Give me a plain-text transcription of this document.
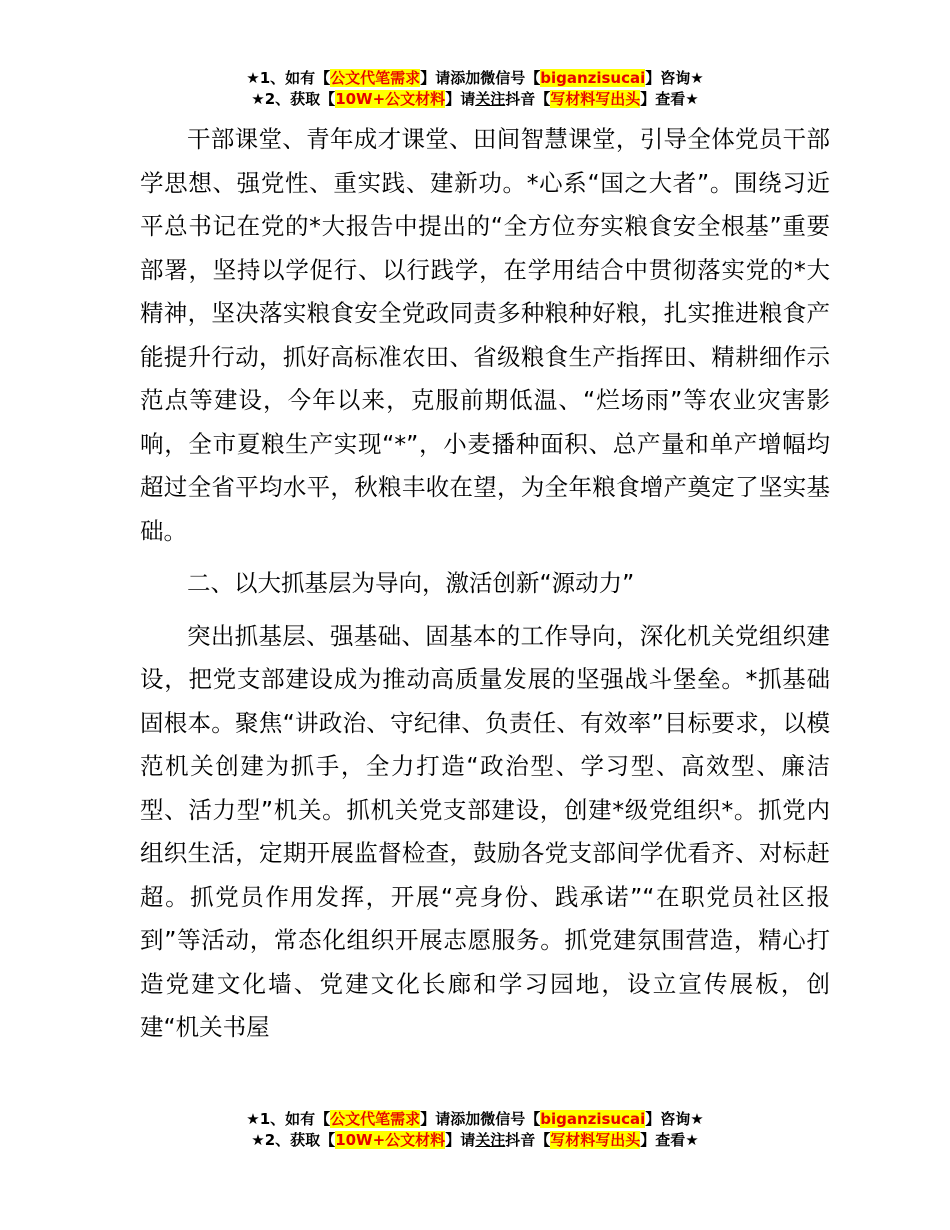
★1、如有【公文代笔需求】请添加微信号【biganzisucai】咨询★
★2、获取【10W+公文材料】请关注抖音【写材料写出头】查看★

干部课堂、青年成才课堂、田间智慧课堂，引导全体党员干部学思想、强党性、重实践、建新功。*心系“国之大者”。围绕习近平总书记在党的*大报告中提出的“全方位夯实粮食安全根基”重要部署，坚持以学促行、以行践学，在学用结合中贯彻落实党的*大精神，坚决落实粮食安全党政同责多种粮种好粮，扎实推进粮食产能提升行动，抓好高标准农田、省级粮食生产指挥田、精耕细作示范点等建设，今年以来，克服前期低温、“烂场雨”等农业灾害影响，全市夏粮生产实现“*”，小麦播种面积、总产量和单产增幅均超过全省平均水平，秋粮丰收在望，为全年粮食增产奠定了坚实基础。

二、以大抓基层为导向，激活创新“源动力”

突出抓基层、强基础、固基本的工作导向，深化机关党组织建设，把党支部建设成为推动高质量发展的坚强战斗堡垒。*抓基础固根本。聚焦“讲政治、守纪律、负责任、有效率”目标要求，以模范机关创建为抓手，全力打造“政治型、学习型、高效型、廉洁型、活力型”机关。抓机关党支部建设，创建*级党组织*。抓党内组织生活，定期开展监督检查，鼓励各党支部间学优看齐、对标赶超。抓党员作用发挥，开展“亮身份、践承诺”“在职党员社区报到”等活动，常态化组织开展志愿服务。抓党建氛围营造，精心打造党建文化墙、党建文化长廊和学习园地，设立宣传展板，创建“机关书屋

★1、如有【公文代笔需求】请添加微信号【biganzisucai】咨询★
★2、获取【10W+公文材料】请关注抖音【写材料写出头】查看★
